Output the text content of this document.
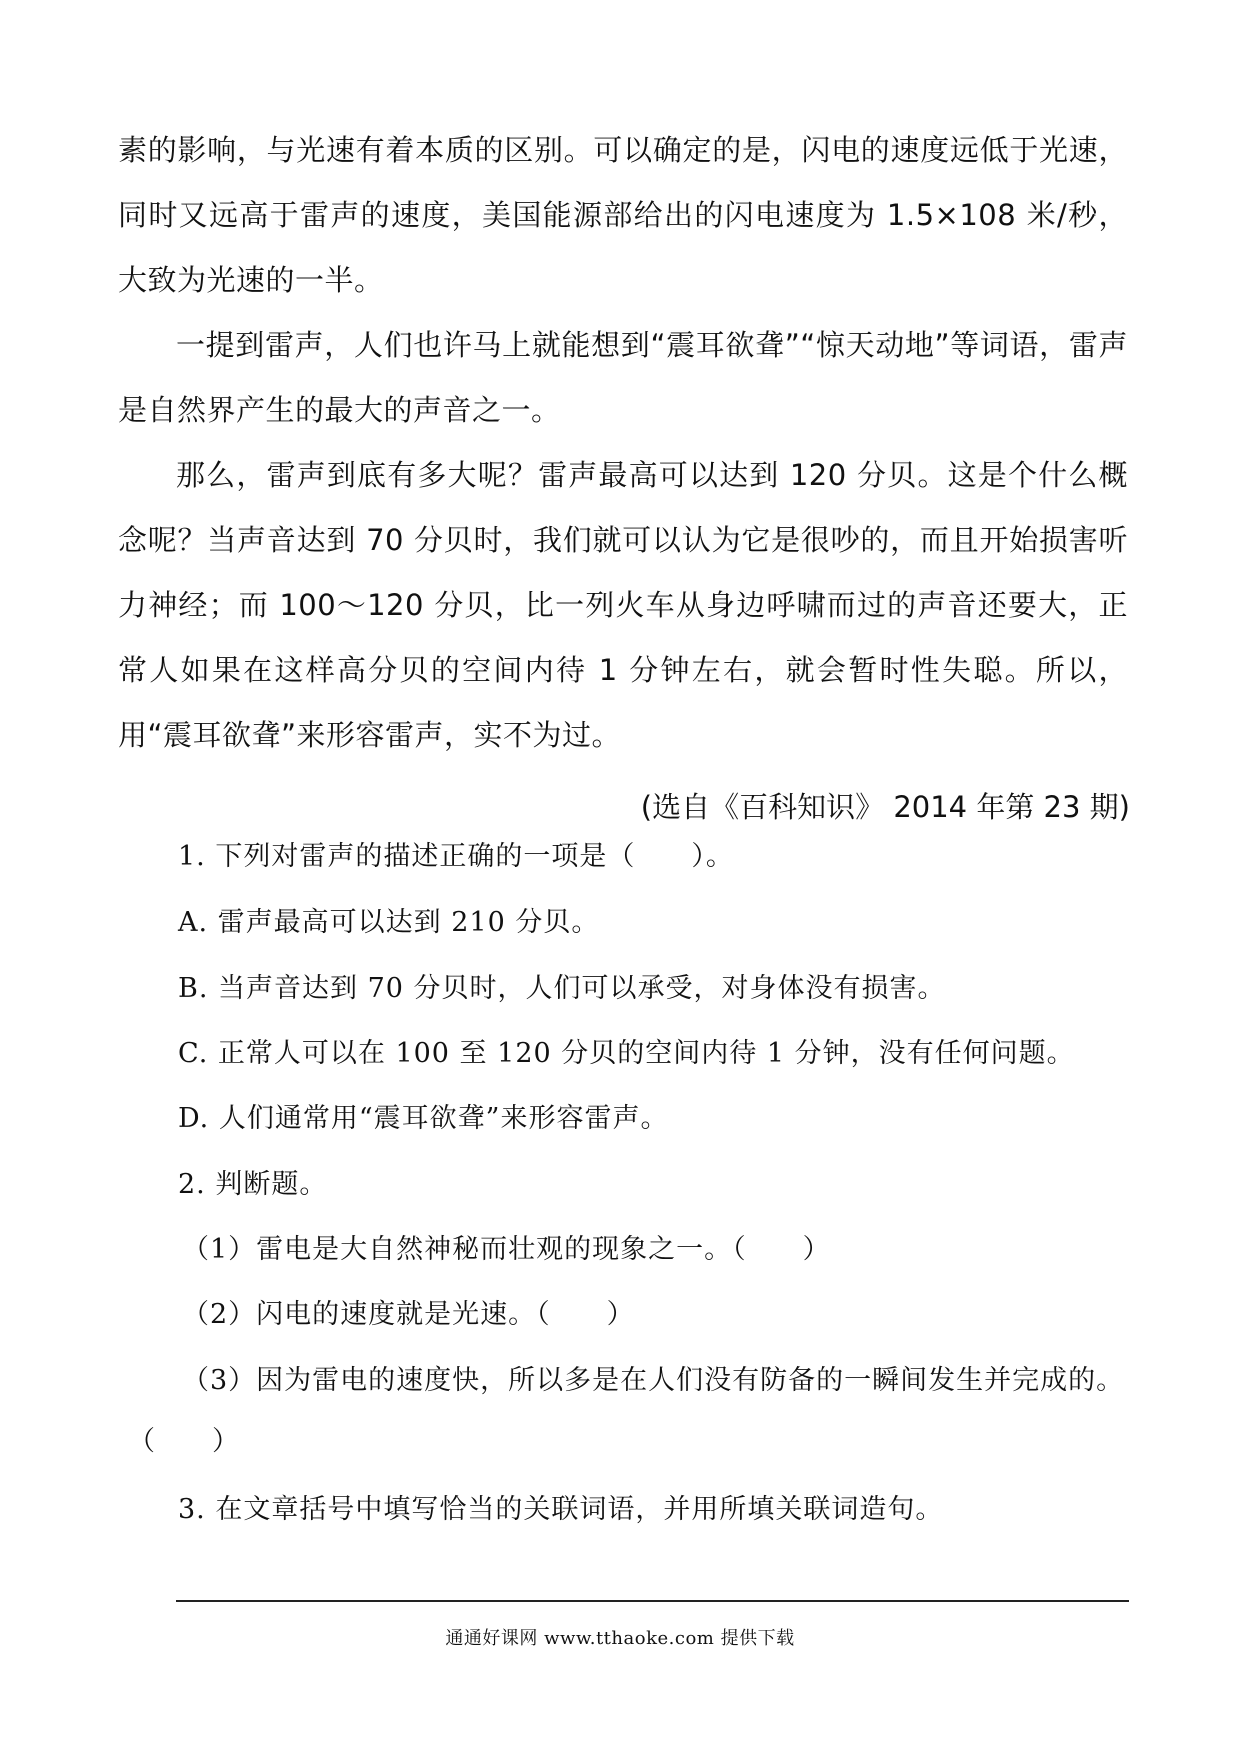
素的影响，与光速有着本质的区别。可以确定的是，闪电的速度远低于光速，同时又远高于雷声的速度，美国能源部给出的闪电速度为 1.5×108 米/秒，大致为光速的一半。
一提到雷声，人们也许马上就能想到“震耳欲聋”“惊天动地”等词语，雷声是自然界产生的最大的声音之一。
那么，雷声到底有多大呢？雷声最高可以达到 120 分贝。这是个什么概念呢？当声音达到 70 分贝时，我们就可以认为它是很吵的，而且开始损害听力神经；而 100～120 分贝，比一列火车从身边呼啸而过的声音还要大，正常人如果在这样高分贝的空间内待 1 分钟左右，就会暂时性失聪。所以，用“震耳欲聋”来形容雷声，实不为过。
(选自《百科知识》 2014 年第 23 期)
1. 下列对雷声的描述正确的一项是（　　）。
A. 雷声最高可以达到 210 分贝。
B. 当声音达到 70 分贝时，人们可以承受，对身体没有损害。
C. 正常人可以在 100 至 120 分贝的空间内待 1 分钟，没有任何问题。
D. 人们通常用“震耳欲聋”来形容雷声。
2. 判断题。
（1）雷电是大自然神秘而壮观的现象之一。（　　）
（2）闪电的速度就是光速。（　　）
（3）因为雷电的速度快，所以多是在人们没有防备的一瞬间发生并完成的。
（　　）
3. 在文章括号中填写恰当的关联词语，并用所填关联词造句。
通通好课网 www.tthaoke.com 提供下载
